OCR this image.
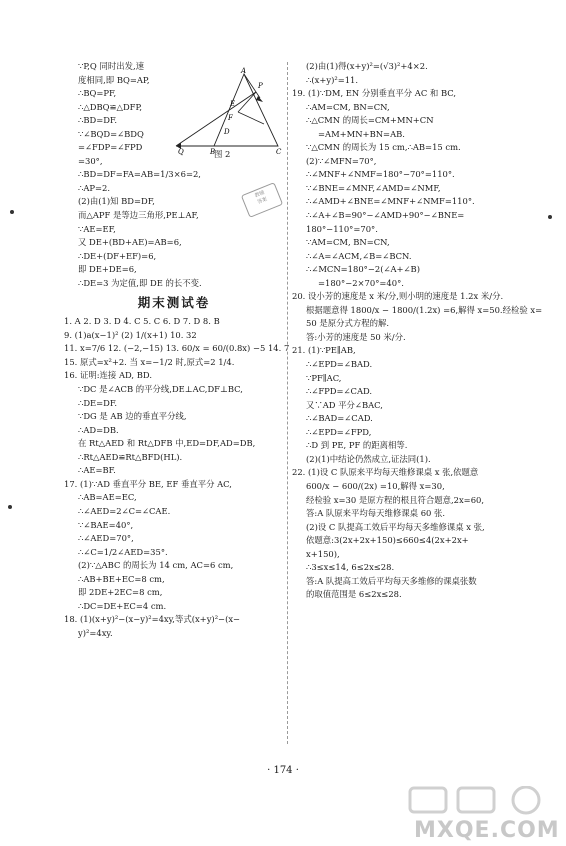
∵P,Q 同时出发,速
度相同,即 BQ=AP,
∴BQ=PF,
∴△DBQ≌△DFP,
∴BD=DF.
∵∠BQD=∠BDQ
=∠FDP=∠FPD
=30°,
∴BD=DF=FA=AB=1/3×6=2,
∴AP=2.
(2)由(1)知 BD=DF,
而△APF 是等边三角形,PE⊥AF,
∵AE=EF,
又 DE+(BD+AE)=AB=6,
∴DE+(DF+EF)=6,
即 DE+DE=6,
∴DE=3 为定值,即 DE 的长不变.
期末测试卷
1. A 2. D 3. D 4. C 5. C 6. D 7. D 8. B
9. (1)a(x−1)² (2) 1/(x+1) 10. 32
11. x=7/6 12. (−2,−15) 13. 60/x = 60/(0.8x) −5 14. 7
15. 原式=x²+2. 当 x=−1/2 时,原式=2 1/4.
16. 证明:连接 AD, BD.
∵DC 是∠ACB 的平分线,DE⊥AC,DF⊥BC,
∴DE=DF.
∵DG 是 AB 边的垂直平分线,
∴AD=DB.
在 Rt△AED 和 Rt△DFB 中,ED=DF,AD=DB,
∴Rt△AED≌Rt△BFD(HL).
∴AE=BF.
17. (1)∵AD 垂直平分 BE, EF 垂直平分 AC,
∴AB=AE=EC,
∴∠AED=2∠C=∠CAE.
∵∠BAE=40°,
∴∠AED=70°,
∴∠C=1/2∠AED=35°.
(2)∵△ABC 的周长为 14 cm, AC=6 cm,
∴AB+BE+EC=8 cm,
即 2DE+2EC=8 cm,
∴DC=DE+EC=4 cm.
18. (1)(x+y)²−(x−y)²=4xy,等式(x+y)²−(x−
y)²=4xy.
(2)由(1)得(x+y)²=(√3)²+4×2.
∴(x+y)²=11.
19. (1)∵DM, EN 分别垂直平分 AC 和 BC,
∴AM=CM, BN=CN,
∴△CMN 的周长=CM+MN+CN
=AM+MN+BN=AB.
∵△CMN 的周长为 15 cm,∴AB=15 cm.
(2)∵∠MFN=70°,
∴∠MNF+∠NMF=180°−70°=110°.
∵∠BNE=∠MNF,∠AMD=∠NMF,
∴∠AMD+∠BNE=∠MNF+∠NMF=110°.
∴∠A+∠B=90°−∠AMD+90°−∠BNE=
180°−110°=70°.
∵AM=CM, BN=CN,
∴∠A=∠ACM,∠B=∠BCN.
∴∠MCN=180°−2(∠A+∠B)
=180°−2×70°=40°.
20. 设小芳的速度是 x 米/分,则小明的速度是 1.2x 米/分.
根据题意得 1800/x − 1800/(1.2x) =6,解得 x=50.经检验 x=
50 是原分式方程的解.
答:小芳的速度是 50 米/分.
21. (1)∵PE∥AB,
∴∠EPD=∠BAD.
∵PF∥AC,
∴∠FPD=∠CAD.
又∵AD 平分∠BAC,
∴∠BAD=∠CAD.
∴∠EPD=∠FPD,
∴D 到 PE, PF 的距离相等.
(2)(1)中结论仍然成立,证法同(1).
22. (1)设 C 队原来平均每天维修课桌 x 张,依题意
600/x − 600/(2x) =10,解得 x=30,
经检验 x=30 是原方程的根且符合题意,2x=60,
答:A 队原来平均每天维修课桌 60 张.
(2)设 C 队提高工效后平均每天多维修课桌 x 张,
依题意:3(2x+2x+150)≤660≤4(2x+2x+
x+150),
∴3≤x≤14, 6≤2x≤28.
答:A 队提高工效后平均每天多维修的课桌张数
的取值范围是 6≤2x≤28.
A
P
E
F
D
B	C
Q	图 2
教辅
答案
· 174 ·
MXQE.COM
